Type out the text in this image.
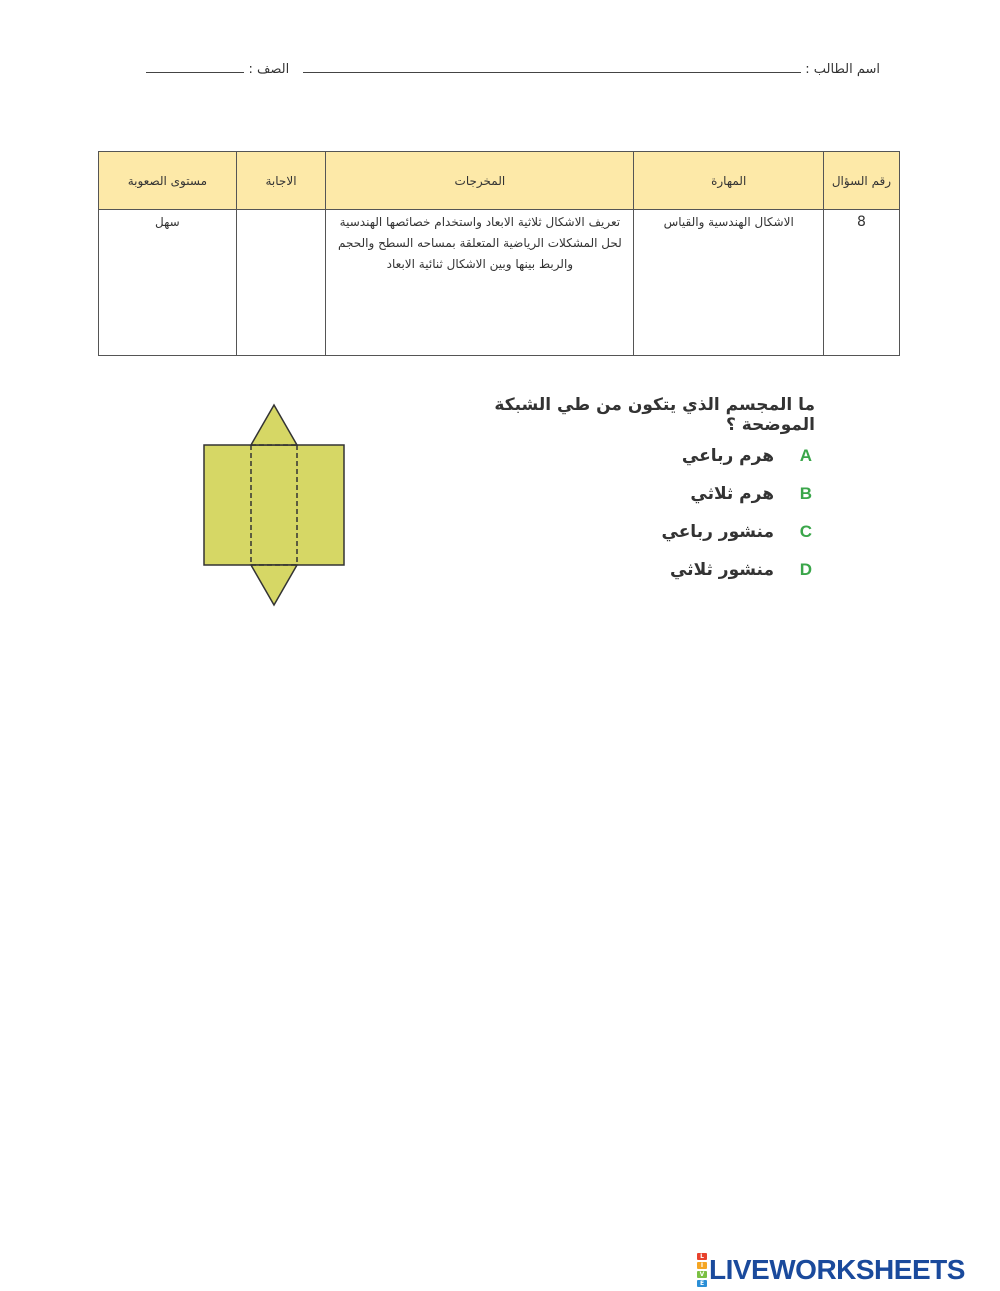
اسم الطالب :
الصف :
رقم السؤال	المهارة	المخرجات	الاجابة	مستوى الصعوبة
8	الاشكال الهندسية والقياس	تعريف الاشكال ثلاثية الابعاد واستخدام خصائصها الهندسية لحل المشكلات الرياضية المتعلقة بمساحه السطح والحجم والربط بينها وبين الاشكال ثنائية الابعاد		سهل
ما المجسم الذي يتكون من طي الشبكة الموضحة ؟
A
هرم رباعي
B
هرم ثلاثي
C
منشور رباعي
D
منشور ثلاثي
L
I
V
E LIVEWORKSHEETS
